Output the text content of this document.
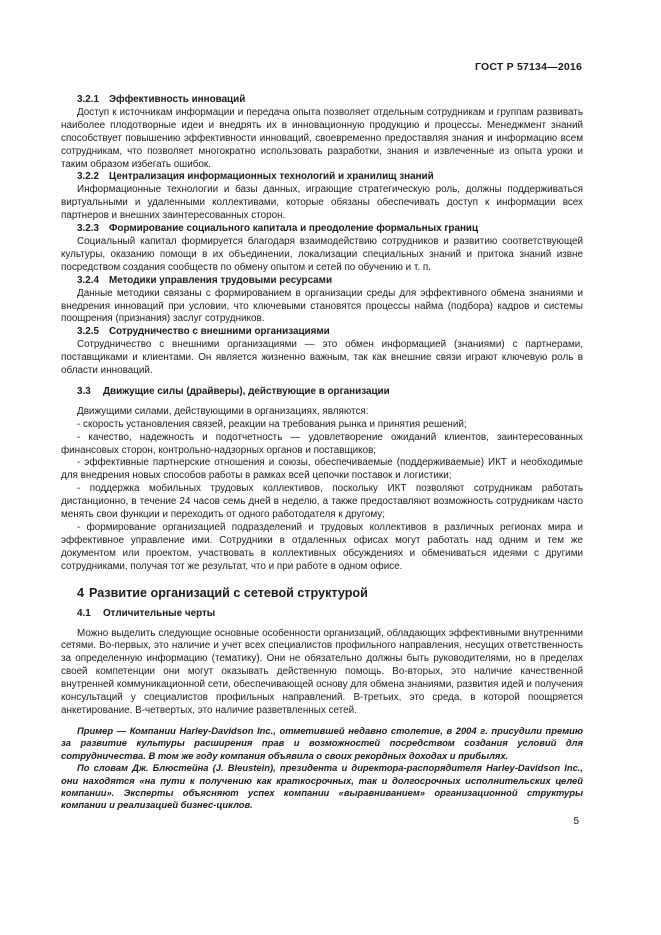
ГОСТ Р 57134—2016
3.2.1 Эффективность инноваций

Доступ к источникам информации и передача опыта позволяет отдельным сотрудникам и группам развивать наиболее плодотворные идеи и внедрять их в инновационную продукцию и процессы. Менеджмент знаний способствует повышению эффективности инноваций, своевременно предоставляя знания и информацию всем сотрудникам, что позволяет многократно использовать разработки, знания и извлеченные из опыта уроки и таким образом избегать ошибок.

3.2.2 Централизация информационных технологий и хранилищ знаний

Информационные технологии и базы данных, играющие стратегическую роль, должны поддерживаться виртуальными и удаленными коллективами, которые обязаны обеспечивать доступ к информации всех партнеров и внешних заинтересованных сторон.

3.2.3 Формирование социального капитала и преодоление формальных границ

Социальный капитал формируется благодаря взаимодействию сотрудников и развитию соответствующей культуры, оказанию помощи в их объединении, локализации специальных знаний и притока знаний извне посредством создания сообществ по обмену опытом и сетей по обучению и т. п.

3.2.4 Методики управления трудовыми ресурсами

Данные методики связаны с формированием в организации среды для эффективного обмена знаниями и внедрения инноваций при условии, что ключевыми становятся процессы найма (подбора) кадров и системы поощрения (признания) заслуг сотрудников.

3.2.5 Сотрудничество с внешними организациями

Сотрудничество с внешними организациями — это обмен информацией (знаниями) с партнерами, поставщиками и клиентами. Он является жизненно важным, так как внешние связи играют ключевую роль в области инноваций.

3.3 Движущие силы (драйверы), действующие в организации

Движущими силами, действующими в организациях, являются:

- скорость установления связей, реакции на требования рынка и принятия решений;

- качество, надежность и подотчетность — удовлетворение ожиданий клиентов, заинтересованных финансовых сторон, контрольно-надзорных органов и поставщиков;

- эффективные партнерские отношения и союзы, обеспечиваемые (поддерживаемые) ИКТ и необходимые для внедрения новых способов работы в рамках всей цепочки поставок и логистики;

- поддержка мобильных трудовых коллективов, поскольку ИКТ позволяют сотрудникам работать дистанционно, в течение 24 часов семь дней в неделю, а также предоставляют возможность сотрудникам часто менять свои функции и переходить от одного работодателя к другому;

- формирование организацией подразделений и трудовых коллективов в различных регионах мира и эффективное управление ими. Сотрудники в отдаленных офисах могут работать над одним и тем же документом или проектом, участвовать в коллективных обсуждениях и обмениваться идеями с другими сотрудниками, получая тот же результат, что и при работе в одном офисе.

4 Развитие организаций с сетевой структурой
4.1 Отличительные черты

Можно выделить следующие основные особенности организаций, обладающих эффективными внутренними сетями. Во-первых, это наличие и учет всех специалистов профильного направления, несущих ответственность за определенную информацию (тематику). Они не обязательно должны быть руководителями, но в пределах своей компетенции они могут оказывать действенную помощь. Во-вторых, это наличие качественной внутренней коммуникационной сети, обеспечивающей основу для обмена знаниями, развития идей и получения консультаций у специалистов профильных направлений. В-третьих, это среда, в которой поощряется анкетирование. В-четвертых, это наличие разветвленных сетей.

Пример — Компании Harley-Davidson Inc., отметившей недавно столетие, в 2004 г. присудили премию за развитие культуры расширения прав и возможностей посредством создания условий для сотрудничества. В том же году компания объявила о своих рекордных доходах и прибылях.

По словам Дж. Блюстейна (J. Bleustein), президента и директора-распорядителя Harley-Davidson Inc., они находятся «на пути к получению как краткосрочных, так и долгосрочных исполнительских целей компании». Эксперты объясняют успех компании «выравниванием» организационной структуры компании и реализацией бизнес-циклов.

5
